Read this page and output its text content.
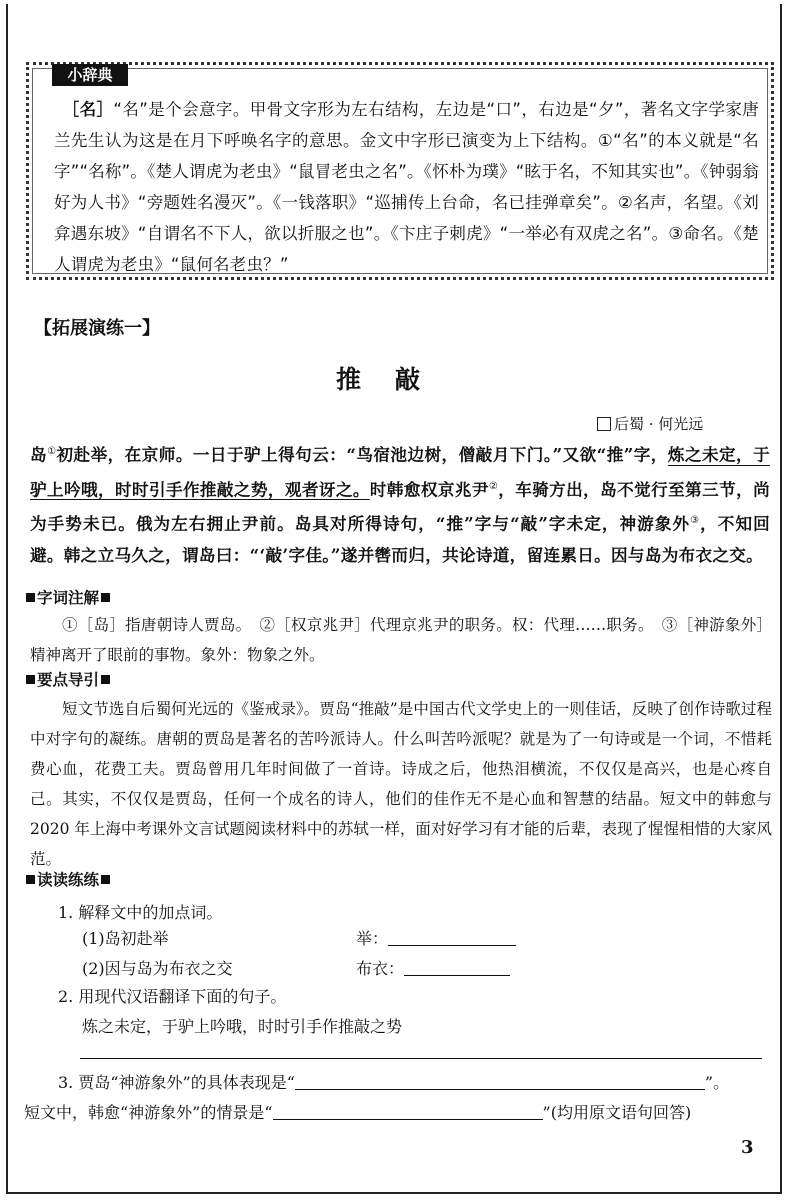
小辞典
　［名］“名”是个会意字。甲骨文字形为左右结构，左边是“口”，右边是“夕”，著名文字学家唐兰先生认为这是在月下呼唤名字的意思。金文中字形已演变为上下结构。①“名”的本义就是“名字”“名称”。《楚人谓虎为老虫》“鼠冒老虫之名”。《怀朴为璞》“眩于名，不知其实也”。《钟弱翁好为人书》“旁题姓名漫灭”。《一钱落职》“巡捕传上台命，名已挂弹章矣”。②名声，名望。《刘弇遇东坡》“自谓名不下人，欲以折服之也”。《卞庄子刺虎》“一举必有双虎之名”。③命名。《楚人谓虎为老虫》“鼠何名老虫？”
【拓展演练一】
推敲
后蜀 · 何光远
岛①初赴举，在京师。一日于驴上得句云：“鸟宿池边树，僧敲月下门。”又欲“推”字，炼之未定，于驴上吟哦，时时引手作推敲之势，观者讶之。时韩愈权京兆尹②，车骑方出，岛不觉行至第三节，尚为手势未已。俄为左右拥止尹前。岛具对所得诗句，“推”字与“敲”字未定，神游象外③，不知回避。韩之立马久之，谓岛曰：“‘敲’字佳。”遂并辔而归，共论诗道，留连累日。因与岛为布衣之交。
字词注解
①［岛］指唐朝诗人贾岛。　②［权京兆尹］代理京兆尹的职务。权：代理……职务。　③［神游象外］精神离开了眼前的事物。象外：物象之外。
要点导引
短文节选自后蜀何光远的《鉴戒录》。贾岛“推敲”是中国古代文学史上的一则佳话，反映了创作诗歌过程中对字句的凝练。唐朝的贾岛是著名的苦吟派诗人。什么叫苦吟派呢？就是为了一句诗或是一个词，不惜耗费心血，花费工夫。贾岛曾用几年时间做了一首诗。诗成之后，他热泪横流，不仅仅是高兴，也是心疼自己。其实，不仅仅是贾岛，任何一个成名的诗人，他们的佳作无不是心血和智慧的结晶。短文中的韩愈与 2020 年上海中考课外文言试题阅读材料中的苏轼一样，面对好学习有才能的后辈，表现了惺惺相惜的大家风范。
读读练练
1. 解释文中的加点词。
(1)岛初赴举	举：
(2)因与岛为布衣之交	布衣：
2. 用现代汉语翻译下面的句子。
炼之未定，于驴上吟哦，时时引手作推敲之势
3. 贾岛“神游象外”的具体表现是“	”。
短文中，韩愈“神游象外”的情景是“	”(均用原文语句回答)
3
